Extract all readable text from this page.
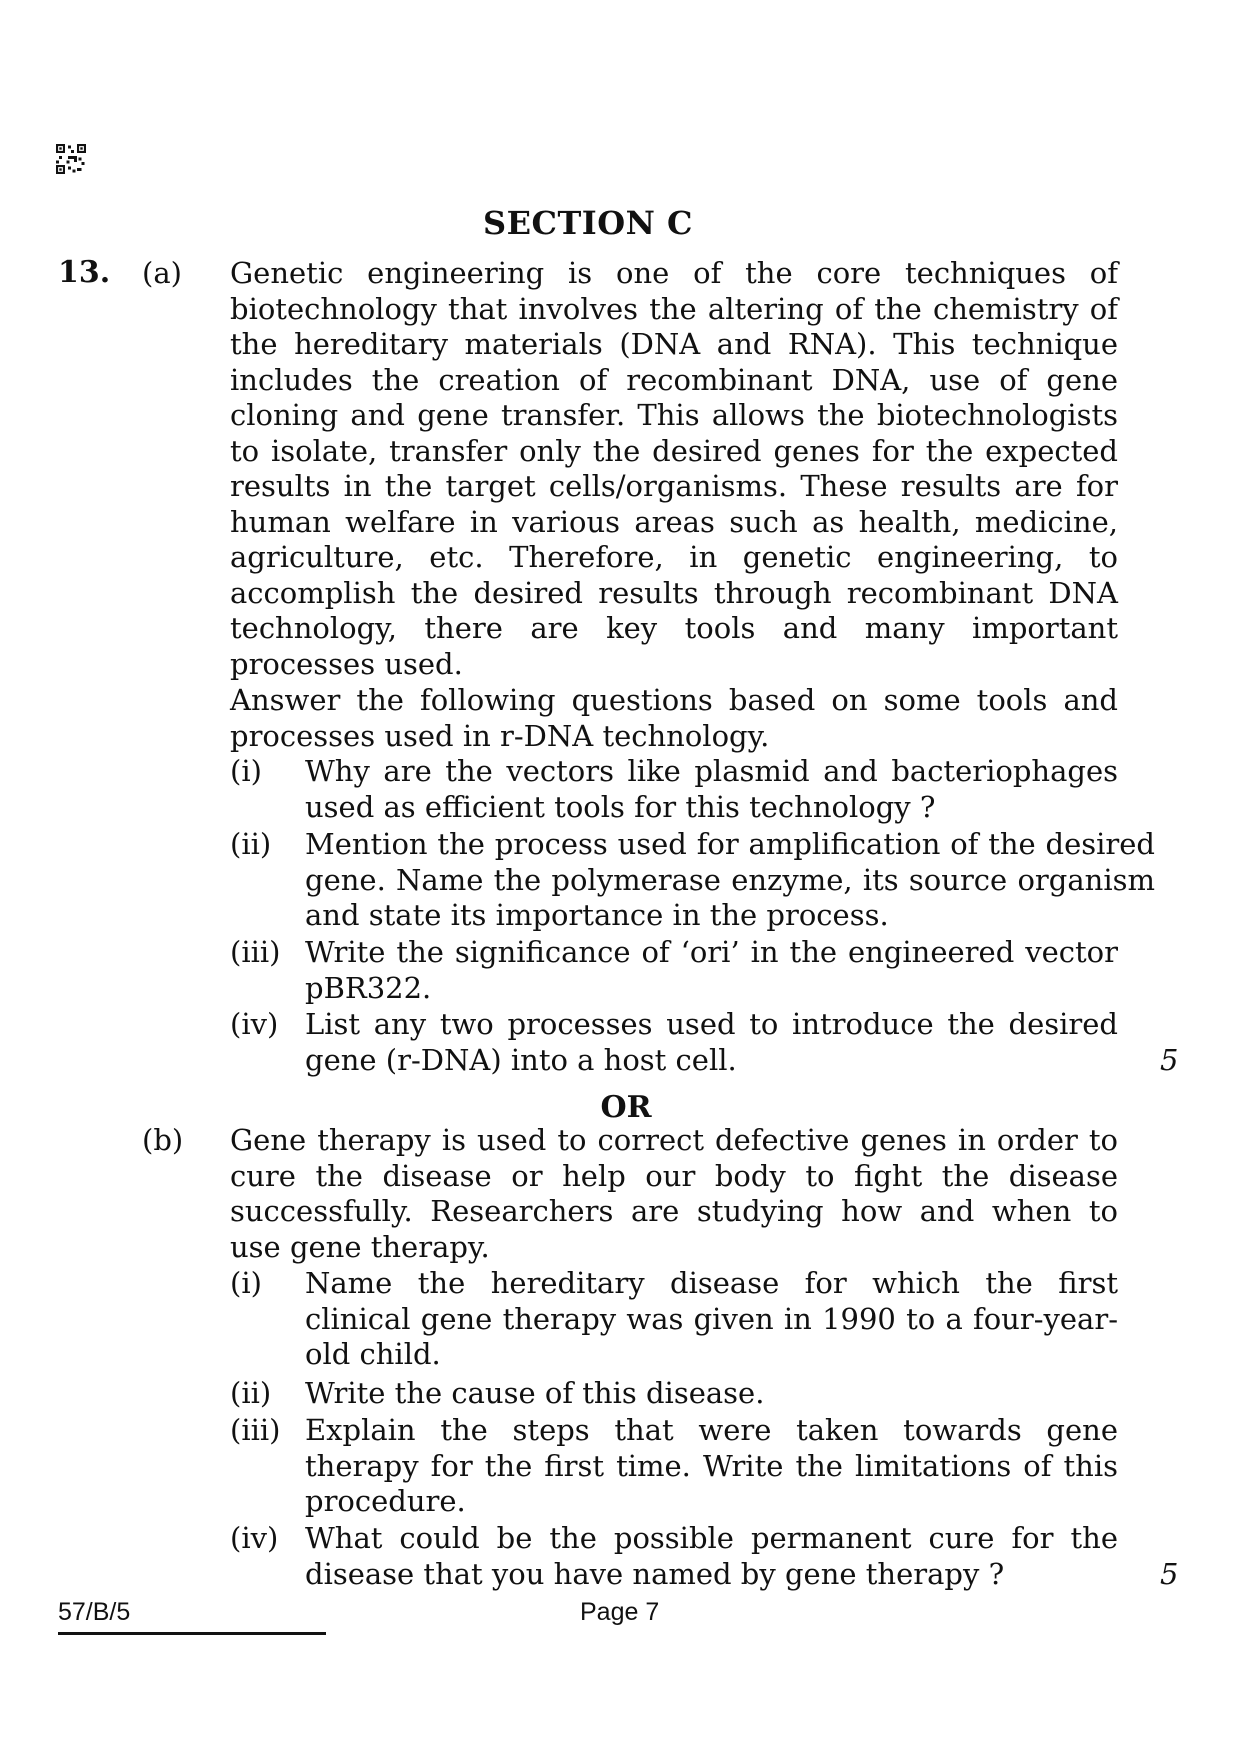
SECTION C
13. (a) Genetic engineering is one of the core techniques of biotechnology that involves the altering of the chemistry of the hereditary materials (DNA and RNA). This technique includes the creation of recombinant DNA, use of gene cloning and gene transfer. This allows the biotechnologists to isolate, transfer only the desired genes for the expected results in the target cells/organisms. These results are for human welfare in various areas such as health, medicine, agriculture, etc. Therefore, in genetic engineering, to accomplish the desired results through recombinant DNA technology, there are key tools and many important processes used.
Answer the following questions based on some tools and processes used in r-DNA technology.
(i) Why are the vectors like plasmid and bacteriophages used as efficient tools for this technology ?
(ii) Mention the process used for amplification of the desired gene. Name the polymerase enzyme, its source organism and state its importance in the process.
(iii) Write the significance of ‘ori’ in the engineered vector pBR322.
(iv) List any two processes used to introduce the desired gene (r-DNA) into a host cell.	5
OR
(b) Gene therapy is used to correct defective genes in order to cure the disease or help our body to fight the disease successfully. Researchers are studying how and when to use gene therapy.
(i) Name the hereditary disease for which the first clinical gene therapy was given in 1990 to a four-year-old child.
(ii) Write the cause of this disease.
(iii) Explain the steps that were taken towards gene therapy for the first time. Write the limitations of this procedure.
(iv) What could be the possible permanent cure for the disease that you have named by gene therapy ?	5
57/B/5	Page 7
